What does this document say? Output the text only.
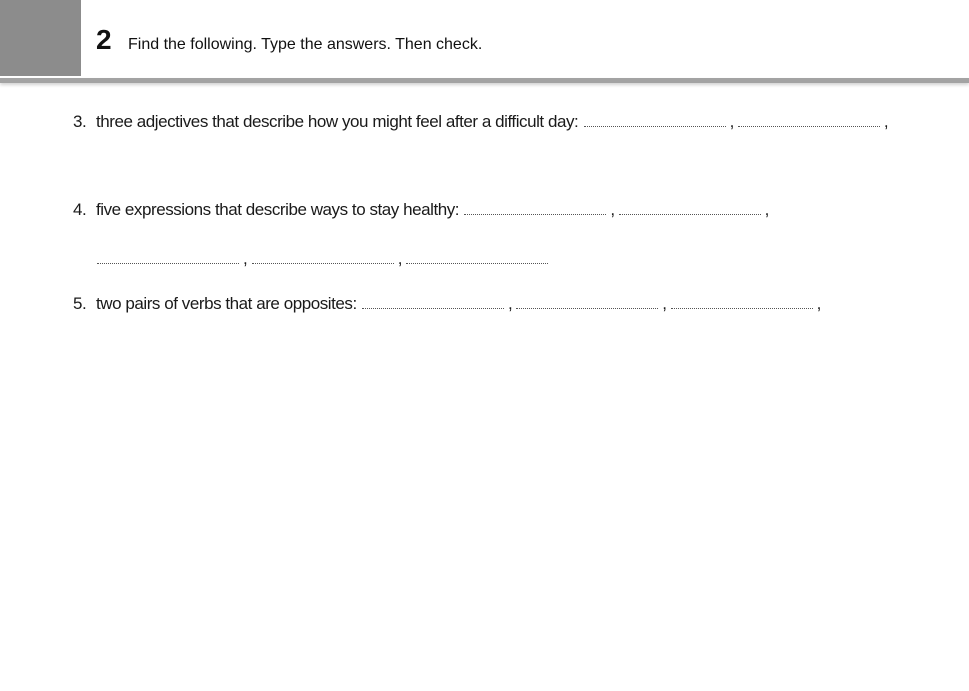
2 Find the following. Type the answers. Then check.
3. three adjectives that describe how you might feel after a difficult day:	,	,
4. five expressions that describe ways to stay healthy:	,	,
,	,
5. two pairs of verbs that are opposites:	,	,	,
